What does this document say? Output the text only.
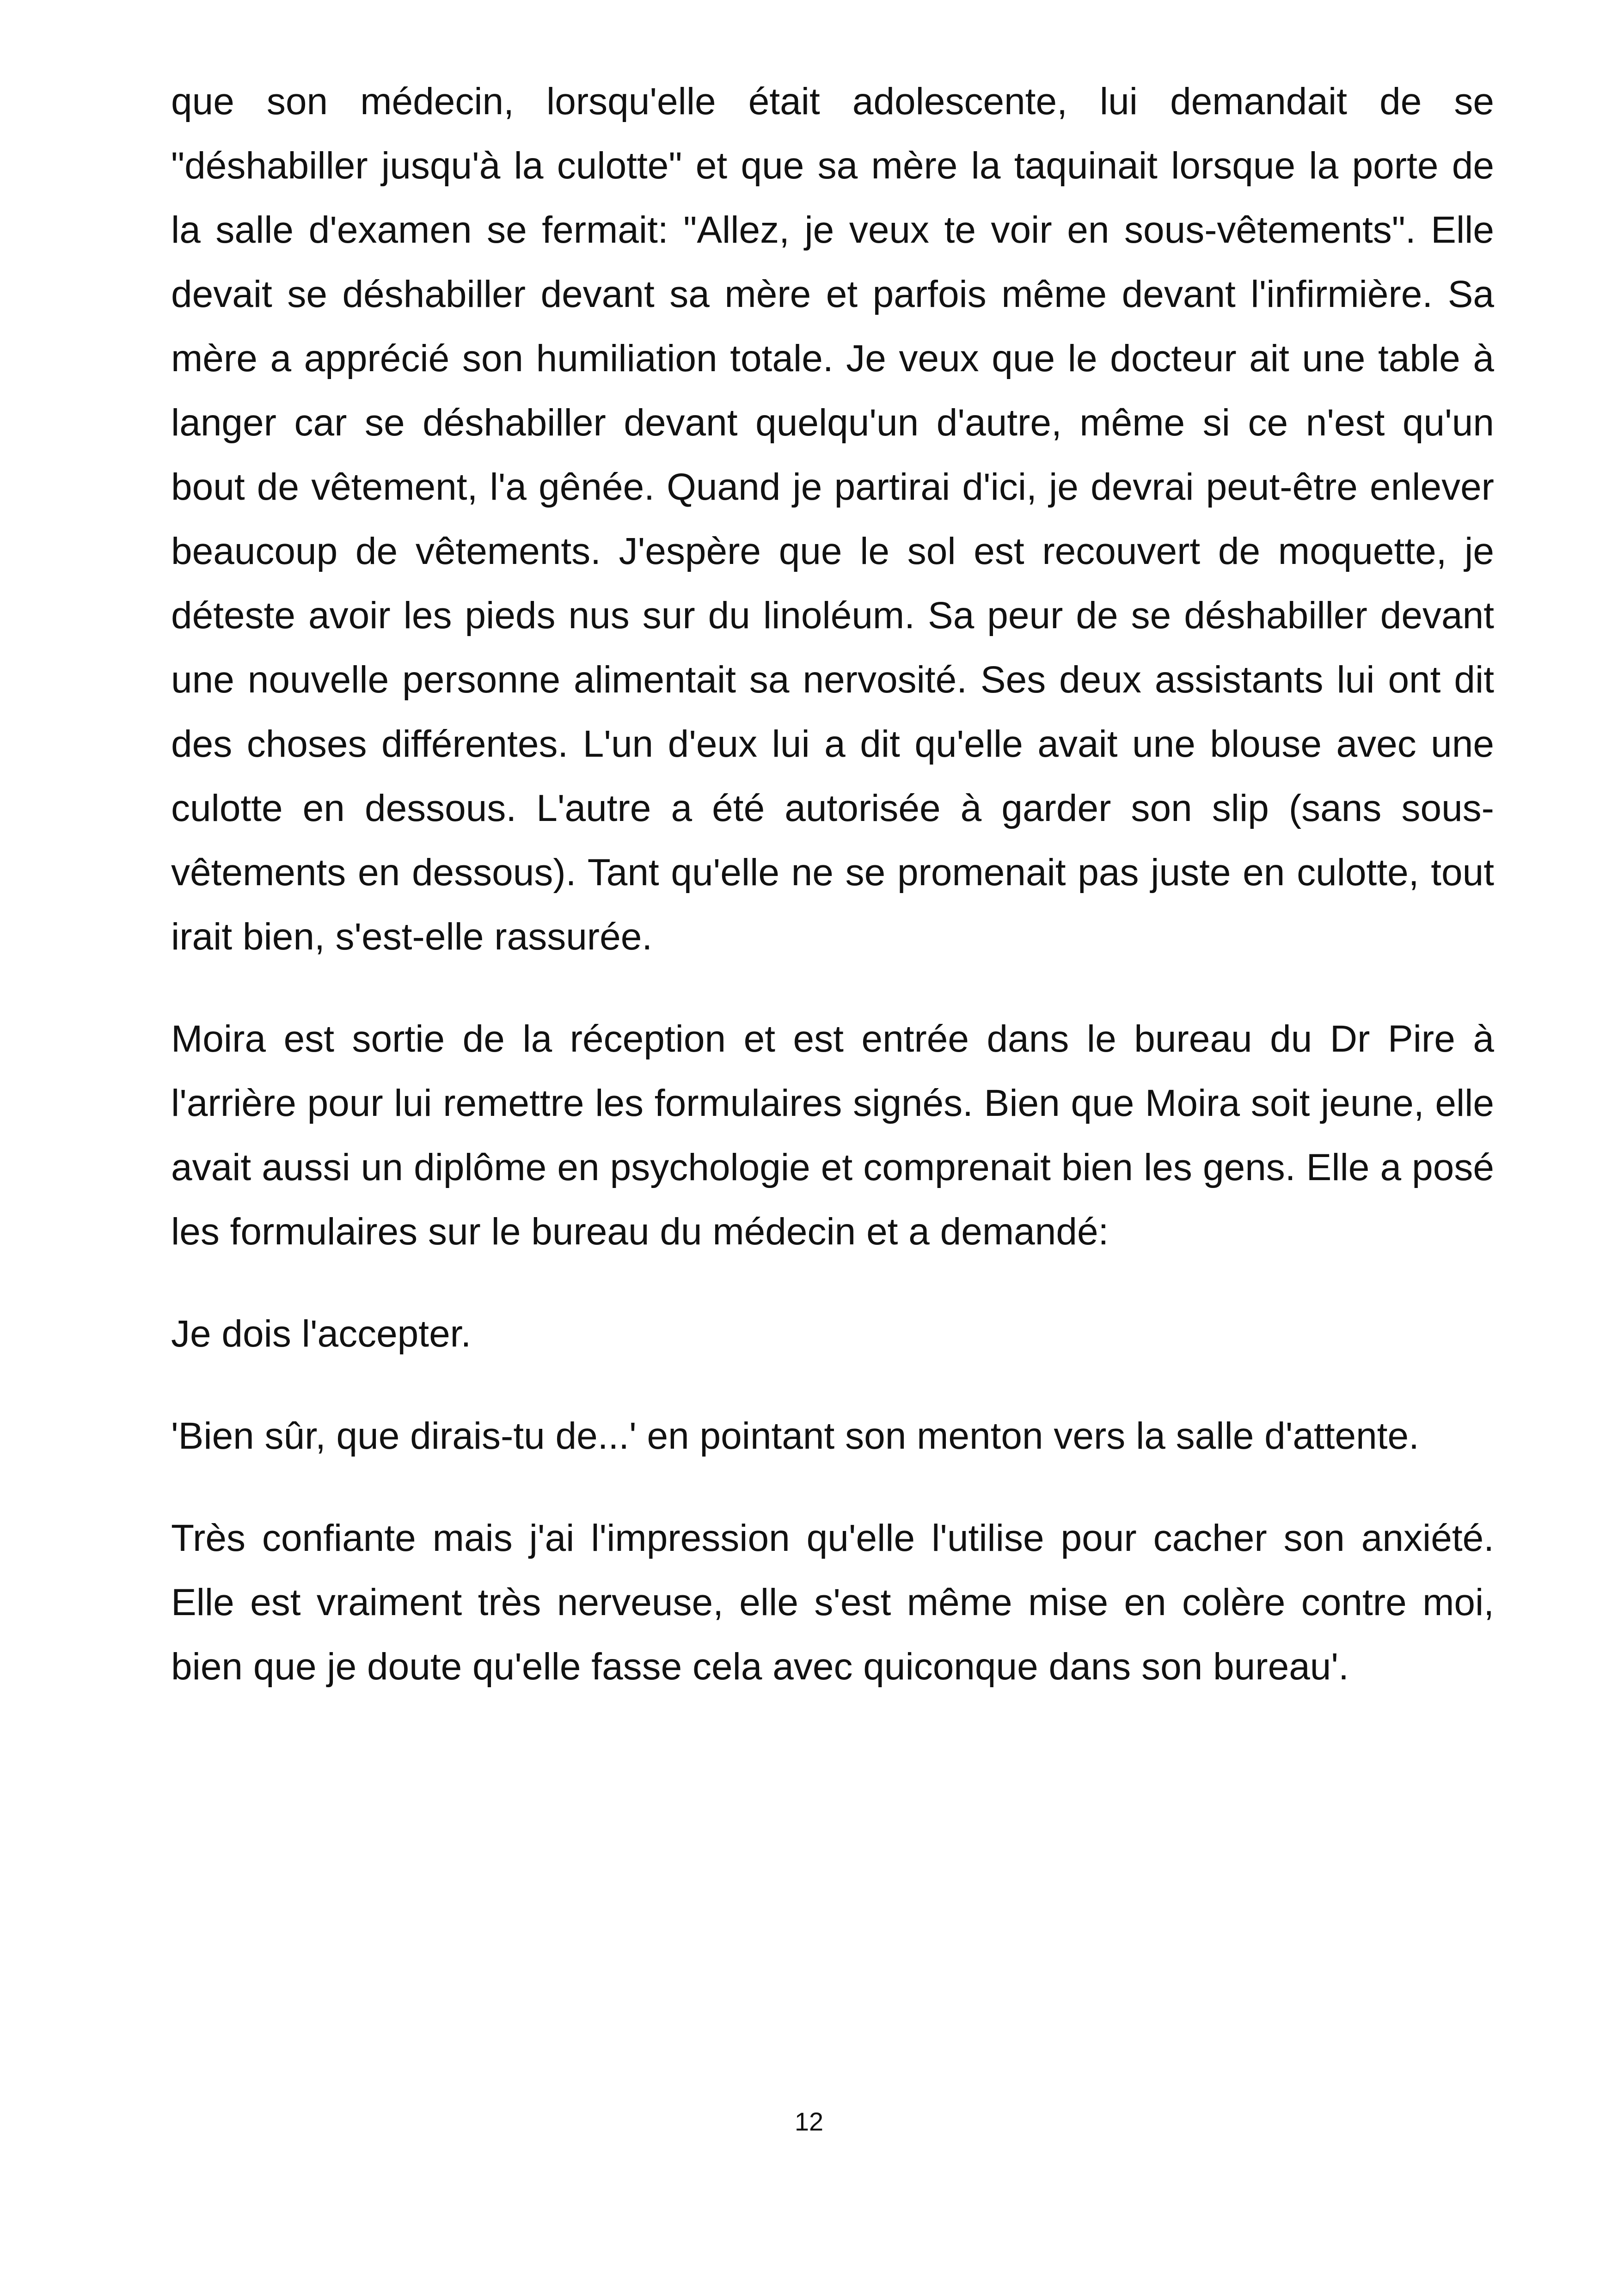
que son médecin, lorsqu'elle était adolescente, lui demandait de se "déshabiller jusqu'à la culotte" et que sa mère la taquinait lorsque la porte de la salle d'examen se fermait: "Allez, je veux te voir en sous-vêtements". Elle devait se déshabiller devant sa mère et parfois même devant l'infirmière. Sa mère a apprécié son humiliation totale. Je veux que le docteur ait une table à langer car se déshabiller devant quelqu'un d'autre, même si ce n'est qu'un bout de vêtement, l'a gênée. Quand je partirai d'ici, je devrai peut-être enlever beaucoup de vêtements. J'espère que le sol est recouvert de moquette, je déteste avoir les pieds nus sur du linoléum. Sa peur de se déshabiller devant une nouvelle personne alimentait sa nervosité. Ses deux assistants lui ont dit des choses différentes. L'un d'eux lui a dit qu'elle avait une blouse avec une culotte en dessous. L'autre a été autorisée à garder son slip (sans sous-vêtements en dessous). Tant qu'elle ne se promenait pas juste en culotte, tout irait bien, s'est-elle rassurée.

Moira est sortie de la réception et est entrée dans le bureau du Dr Pire à l'arrière pour lui remettre les formulaires signés. Bien que Moira soit jeune, elle avait aussi un diplôme en psychologie et comprenait bien les gens. Elle a posé les formulaires sur le bureau du médecin et a demandé:

Je dois l'accepter.

'Bien sûr, que dirais-tu de...' en pointant son menton vers la salle d'attente.

Très confiante mais j'ai l'impression qu'elle l'utilise pour cacher son anxiété. Elle est vraiment très nerveuse, elle s'est même mise en colère contre moi, bien que je doute qu'elle fasse cela avec quiconque dans son bureau'.

12
